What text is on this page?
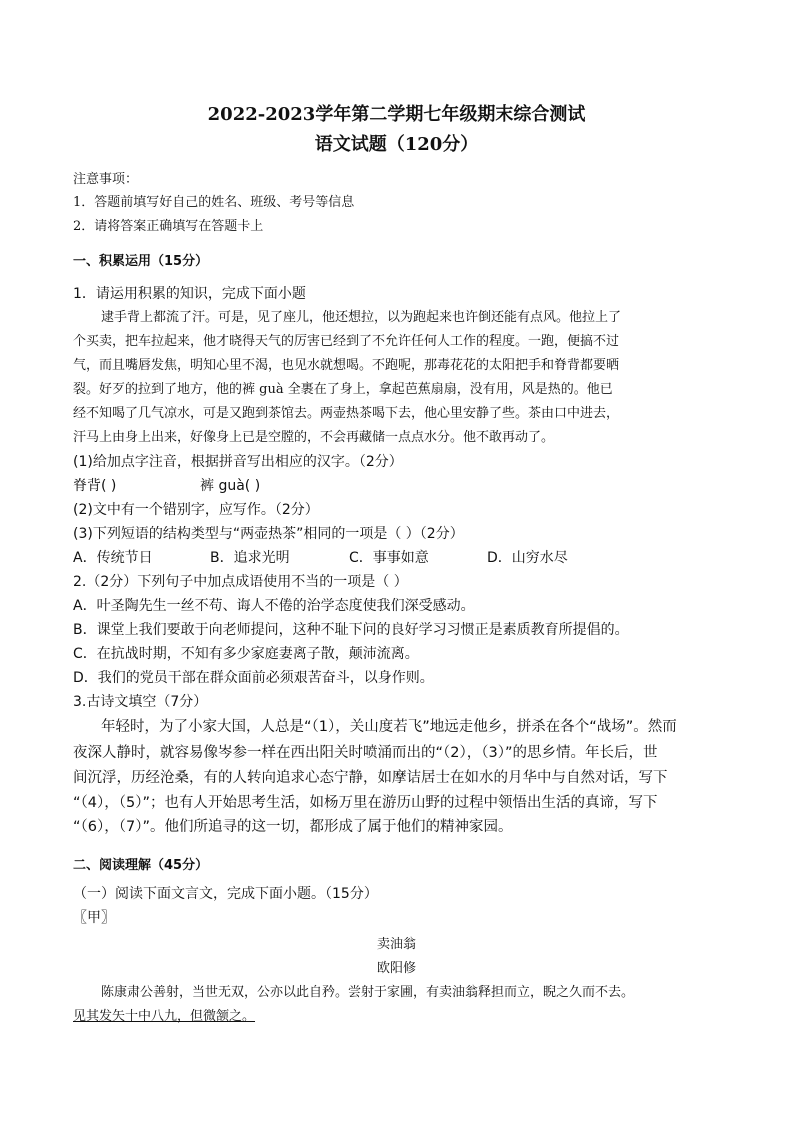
2022-2023学年第二学期七年级期末综合测试
语文试题（120分）
注意事项：
1．答题前填写好自己的姓名、班级、考号等信息
2．请将答案正确填写在答题卡上
一、积累运用（15分）
1．请运用积累的知识，完成下面小题
逮手背上都流了汗。可是，见了座儿，他还想拉，以为跑起来也许倒还能有点风。他拉上了
个买卖，把车拉起来，他才晓得天气的厉害已经到了不允许任何人工作的程度。一跑，便搞不过
气，而且嘴唇发焦，明知心里不渴，也见水就想喝。不跑呢，那毒花花的太阳把手和脊背都要晒
裂。好歹的拉到了地方，他的裤 guà 全裹在了身上，拿起芭蕉扇扇，没有用，风是热的。他已
经不知喝了几气凉水，可是又跑到茶馆去。两壶热茶喝下去，他心里安静了些。茶由口中进去，
汗马上由身上出来，好像身上已是空膛的，不会再藏储一点点水分。他不敢再动了。
(1)给加点字注音，根据拼音写出相应的汉字。（2分）
脊背( )	裤 guà( )
(2)文中有一个错别字，应写作。（2分）
(3)下列短语的结构类型与“两壶热茶”相同的一项是（ ）（2分）
A．传统节日	B．追求光明	C．事事如意	D．山穷水尽
2.（2分）下列句子中加点成语使用不当的一项是（ ）
A．叶圣陶先生一丝不苟、诲人不倦的治学态度使我们深受感动。
B．课堂上我们要敢于向老师提问，这种不耻下问的良好学习习惯正是素质教育所提倡的。
C．在抗战时期，不知有多少家庭妻离子散，颠沛流离。
D．我们的党员干部在群众面前必须艰苦奋斗，以身作则。
3.古诗文填空（7分）
年轻时，为了小家大国，人总是“（1），关山度若飞”地远走他乡，拼杀在各个“战场”。然而
夜深人静时，就容易像岑参一样在西出阳关时喷涌而出的“（2），（3）”的思乡情。年长后，世
间沉浮，历经沧桑，有的人转向追求心态宁静，如摩诘居士在如水的月华中与自然对话，写下
“（4），（5）”；也有人开始思考生活，如杨万里在游历山野的过程中领悟出生活的真谛，写下
“（6），（7）”。他们所追寻的这一切，都形成了属于他们的精神家园。
二、阅读理解（45分）
（一）阅读下面文言文，完成下面小题。（15分）
〖甲〗
卖油翁
欧阳修
陈康肃公善射，当世无双，公亦以此自矜。尝射于家圃，有卖油翁释担而立，睨之久而不去。
见其发矢十中八九，但微颔之。
